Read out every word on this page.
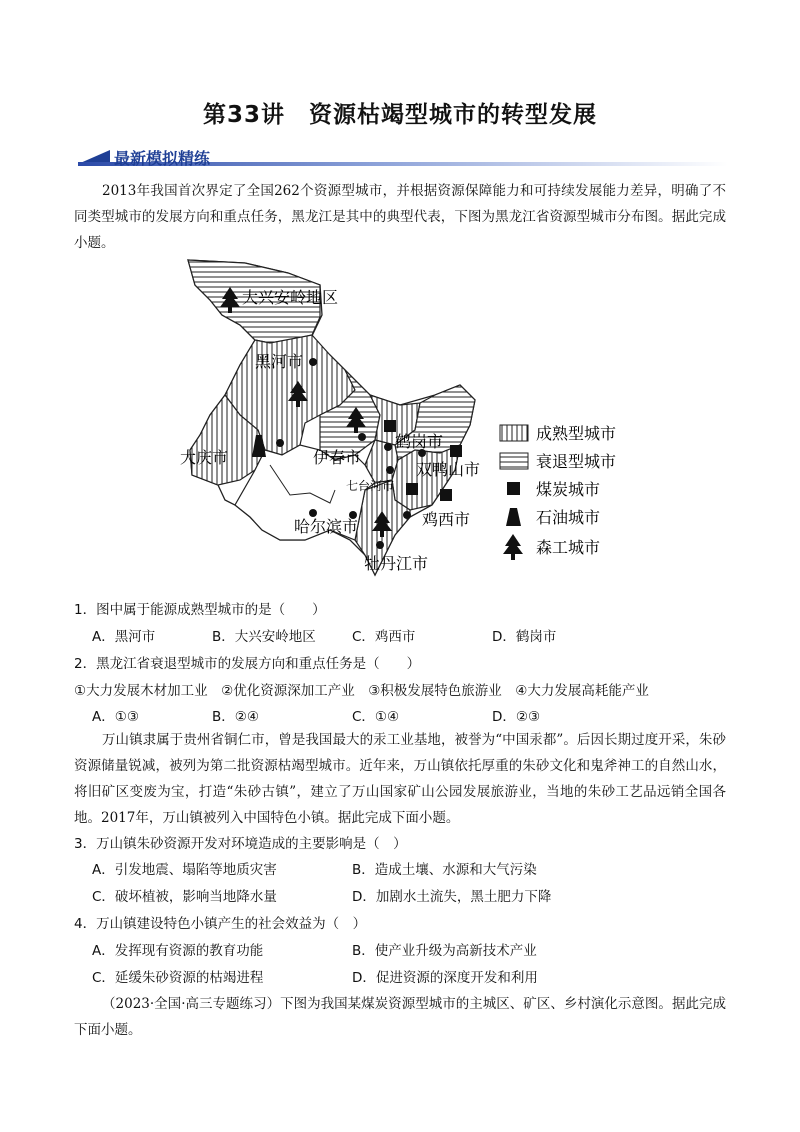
第33讲　资源枯竭型城市的转型发展
最新模拟精练
2013年我国首次界定了全国262个资源型城市，并根据资源保障能力和可持续发展能力差异，明确了不同类型城市的发展方向和重点任务，黑龙江是其中的典型代表，下图为黑龙江省资源型城市分布图。据此完成小题。
大兴安岭地区
黑河市
大庆市	伊春市
鹤岗市
双鸭山市
七台河市
哈尔滨市	鸡西市
牡丹江市
成熟型城市
衰退型城市
煤炭城市
石油城市
森工城市
1．图中属于能源成熟型城市的是（　　）
A．黑河市	B．大兴安岭地区	C．鸡西市	D．鹤岗市
2．黑龙江省衰退型城市的发展方向和重点任务是（　　）
①大力发展木材加工业　②优化资源深加工产业　③积极发展特色旅游业　④大力发展高耗能产业
A．①③	B．②④	C．①④	D．②③
万山镇隶属于贵州省铜仁市，曾是我国最大的汞工业基地，被誉为“中国汞都”。后因长期过度开采，朱砂资源储量锐减，被列为第二批资源枯竭型城市。近年来，万山镇依托厚重的朱砂文化和鬼斧神工的自然山水，将旧矿区变废为宝，打造“朱砂古镇”，建立了万山国家矿山公园发展旅游业，当地的朱砂工艺品远销全国各地。2017年，万山镇被列入中国特色小镇。据此完成下面小题。
3．万山镇朱砂资源开发对环境造成的主要影响是（　）
A．引发地震、塌陷等地质灾害	B．造成土壤、水源和大气污染
C．破坏植被，影响当地降水量	D．加剧水土流失，黑土肥力下降
4．万山镇建设特色小镇产生的社会效益为（　）
A．发挥现有资源的教育功能	B．使产业升级为高新技术产业
C．延缓朱砂资源的枯竭进程	D．促进资源的深度开发和利用
（2023·全国·高三专题练习）下图为我国某煤炭资源型城市的主城区、矿区、乡村演化示意图。据此完成下面小题。
